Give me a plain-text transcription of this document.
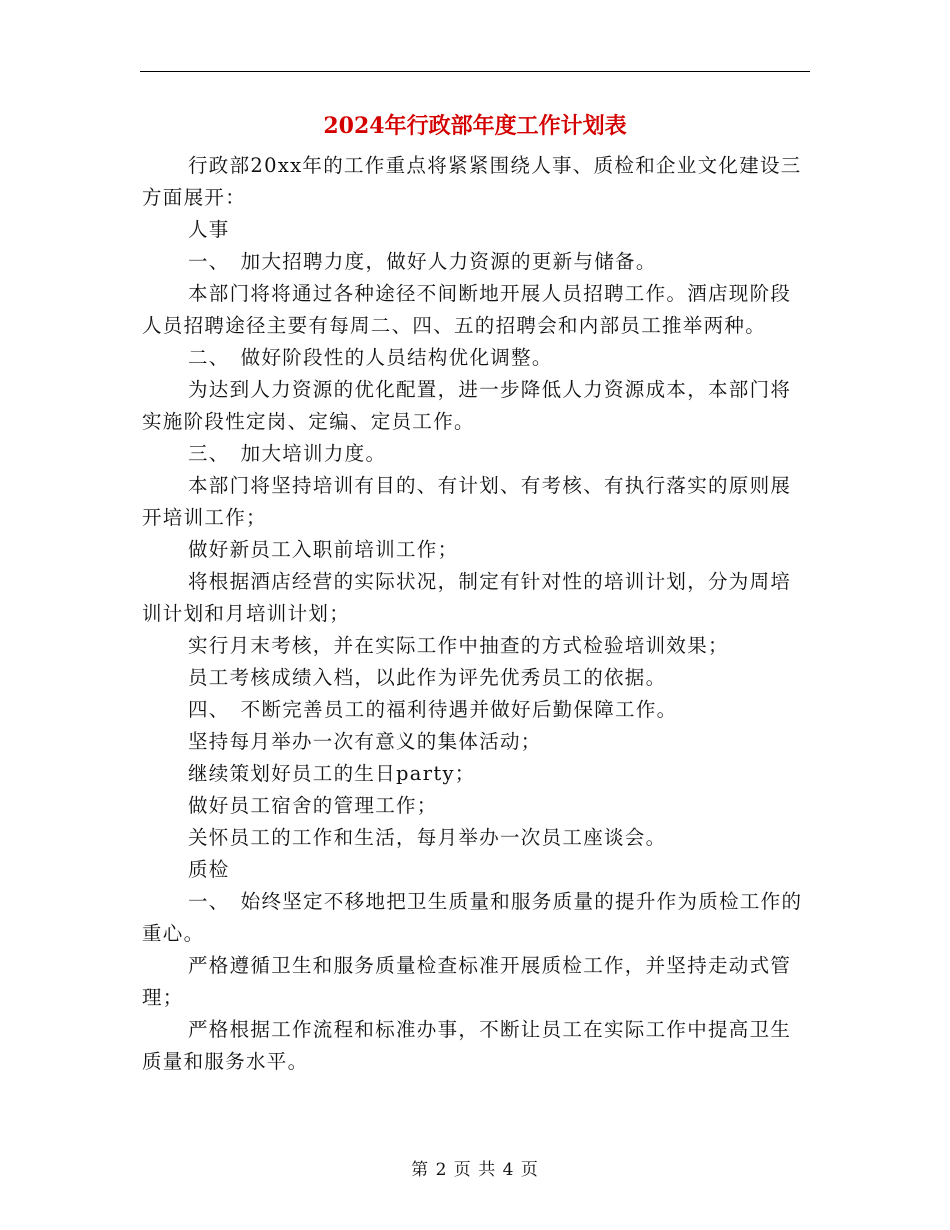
2024年行政部年度工作计划表

行政部20xx年的工作重点将紧紧围绕人事、质检和企业文化建设三方面展开：

人事

一、　加大招聘力度，做好人力资源的更新与储备。

本部门将将通过各种途径不间断地开展人员招聘工作。酒店现阶段人员招聘途径主要有每周二、四、五的招聘会和内部员工推举两种。

二、　做好阶段性的人员结构优化调整。

为达到人力资源的优化配置，进一步降低人力资源成本，本部门将实施阶段性定岗、定编、定员工作。

三、　加大培训力度。

本部门将坚持培训有目的、有计划、有考核、有执行落实的原则展开培训工作；

做好新员工入职前培训工作；

将根据酒店经营的实际状况，制定有针对性的培训计划，分为周培训计划和月培训计划；

实行月末考核，并在实际工作中抽查的方式检验培训效果；

员工考核成绩入档，以此作为评先优秀员工的依据。

四、　不断完善员工的福利待遇并做好后勤保障工作。

坚持每月举办一次有意义的集体活动；

继续策划好员工的生日party；

做好员工宿舍的管理工作；

关怀员工的工作和生活，每月举办一次员工座谈会。

质检

一、　始终坚定不移地把卫生质量和服务质量的提升作为质检工作的重心。

严格遵循卫生和服务质量检查标准开展质检工作，并坚持走动式管理；

严格根据工作流程和标准办事，不断让员工在实际工作中提高卫生质量和服务水平。

第 2 页 共 4 页
